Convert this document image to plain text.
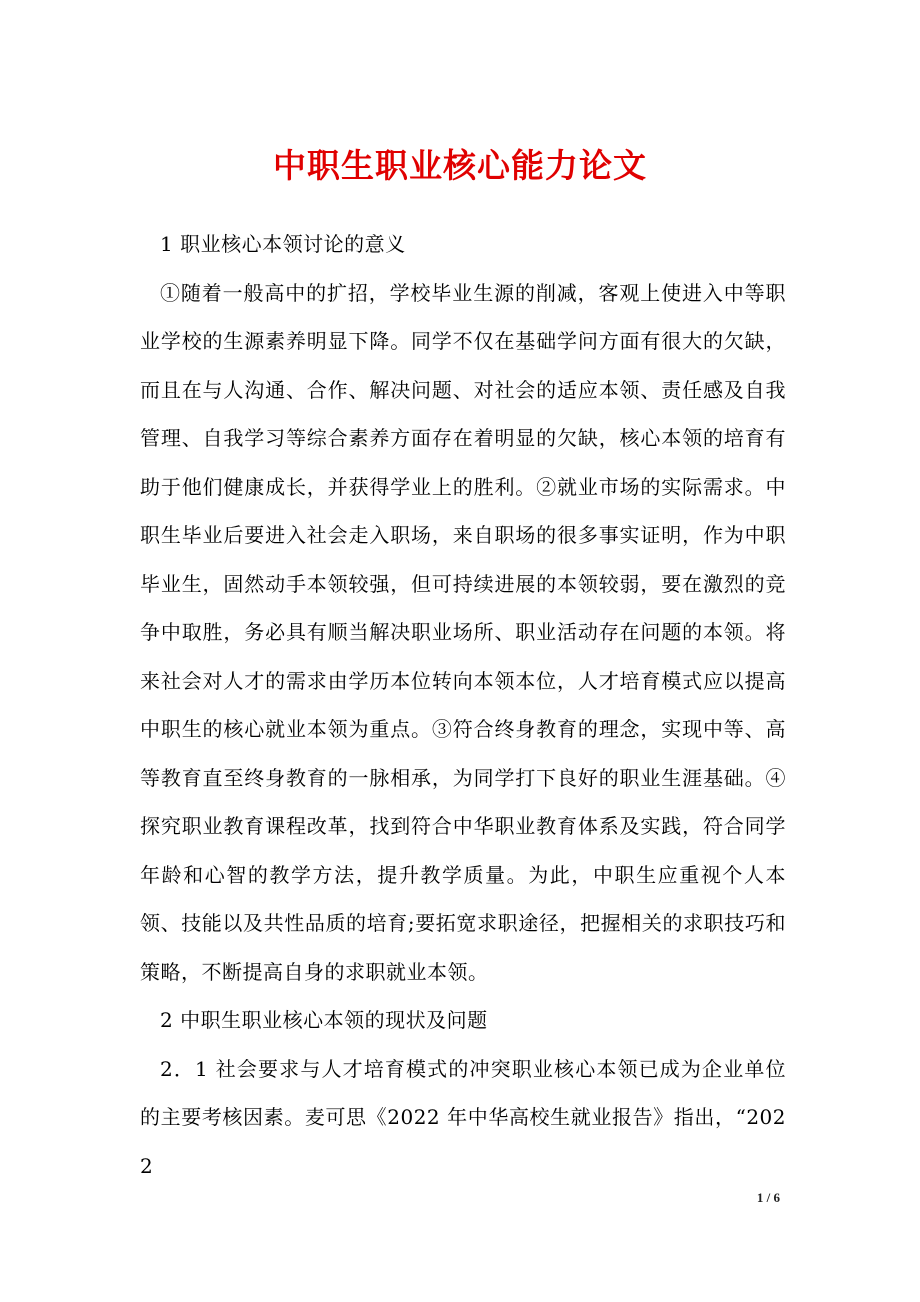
中职生职业核心能力论文

1 职业核心本领讨论的意义

①随着一般高中的扩招，学校毕业生源的削减，客观上使进入中等职业学校的生源素养明显下降。同学不仅在基础学问方面有很大的欠缺，而且在与人沟通、合作、解决问题、对社会的适应本领、责任感及自我管理、自我学习等综合素养方面存在着明显的欠缺，核心本领的培育有助于他们健康成长，并获得学业上的胜利。②就业市场的实际需求。中职生毕业后要进入社会走入职场，来自职场的很多事实证明，作为中职毕业生，固然动手本领较强，但可持续进展的本领较弱，要在激烈的竞争中取胜，务必具有顺当解决职业场所、职业活动存在问题的本领。将来社会对人才的需求由学历本位转向本领本位，人才培育模式应以提高中职生的核心就业本领为重点。③符合终身教育的理念，实现中等、高等教育直至终身教育的一脉相承，为同学打下良好的职业生涯基础。④探究职业教育课程改革，找到符合中华职业教育体系及实践，符合同学年龄和心智的教学方法，提升教学质量。为此，中职生应重视个人本领、技能以及共性品质的培育;要拓宽求职途径，把握相关的求职技巧和策略，不断提高自身的求职就业本领。

2 中职生职业核心本领的现状及问题

2．1 社会要求与人才培育模式的冲突职业核心本领已成为企业单位的主要考核因素。麦可思《2022 年中华高校生就业报告》指出，“2022

1 / 6
